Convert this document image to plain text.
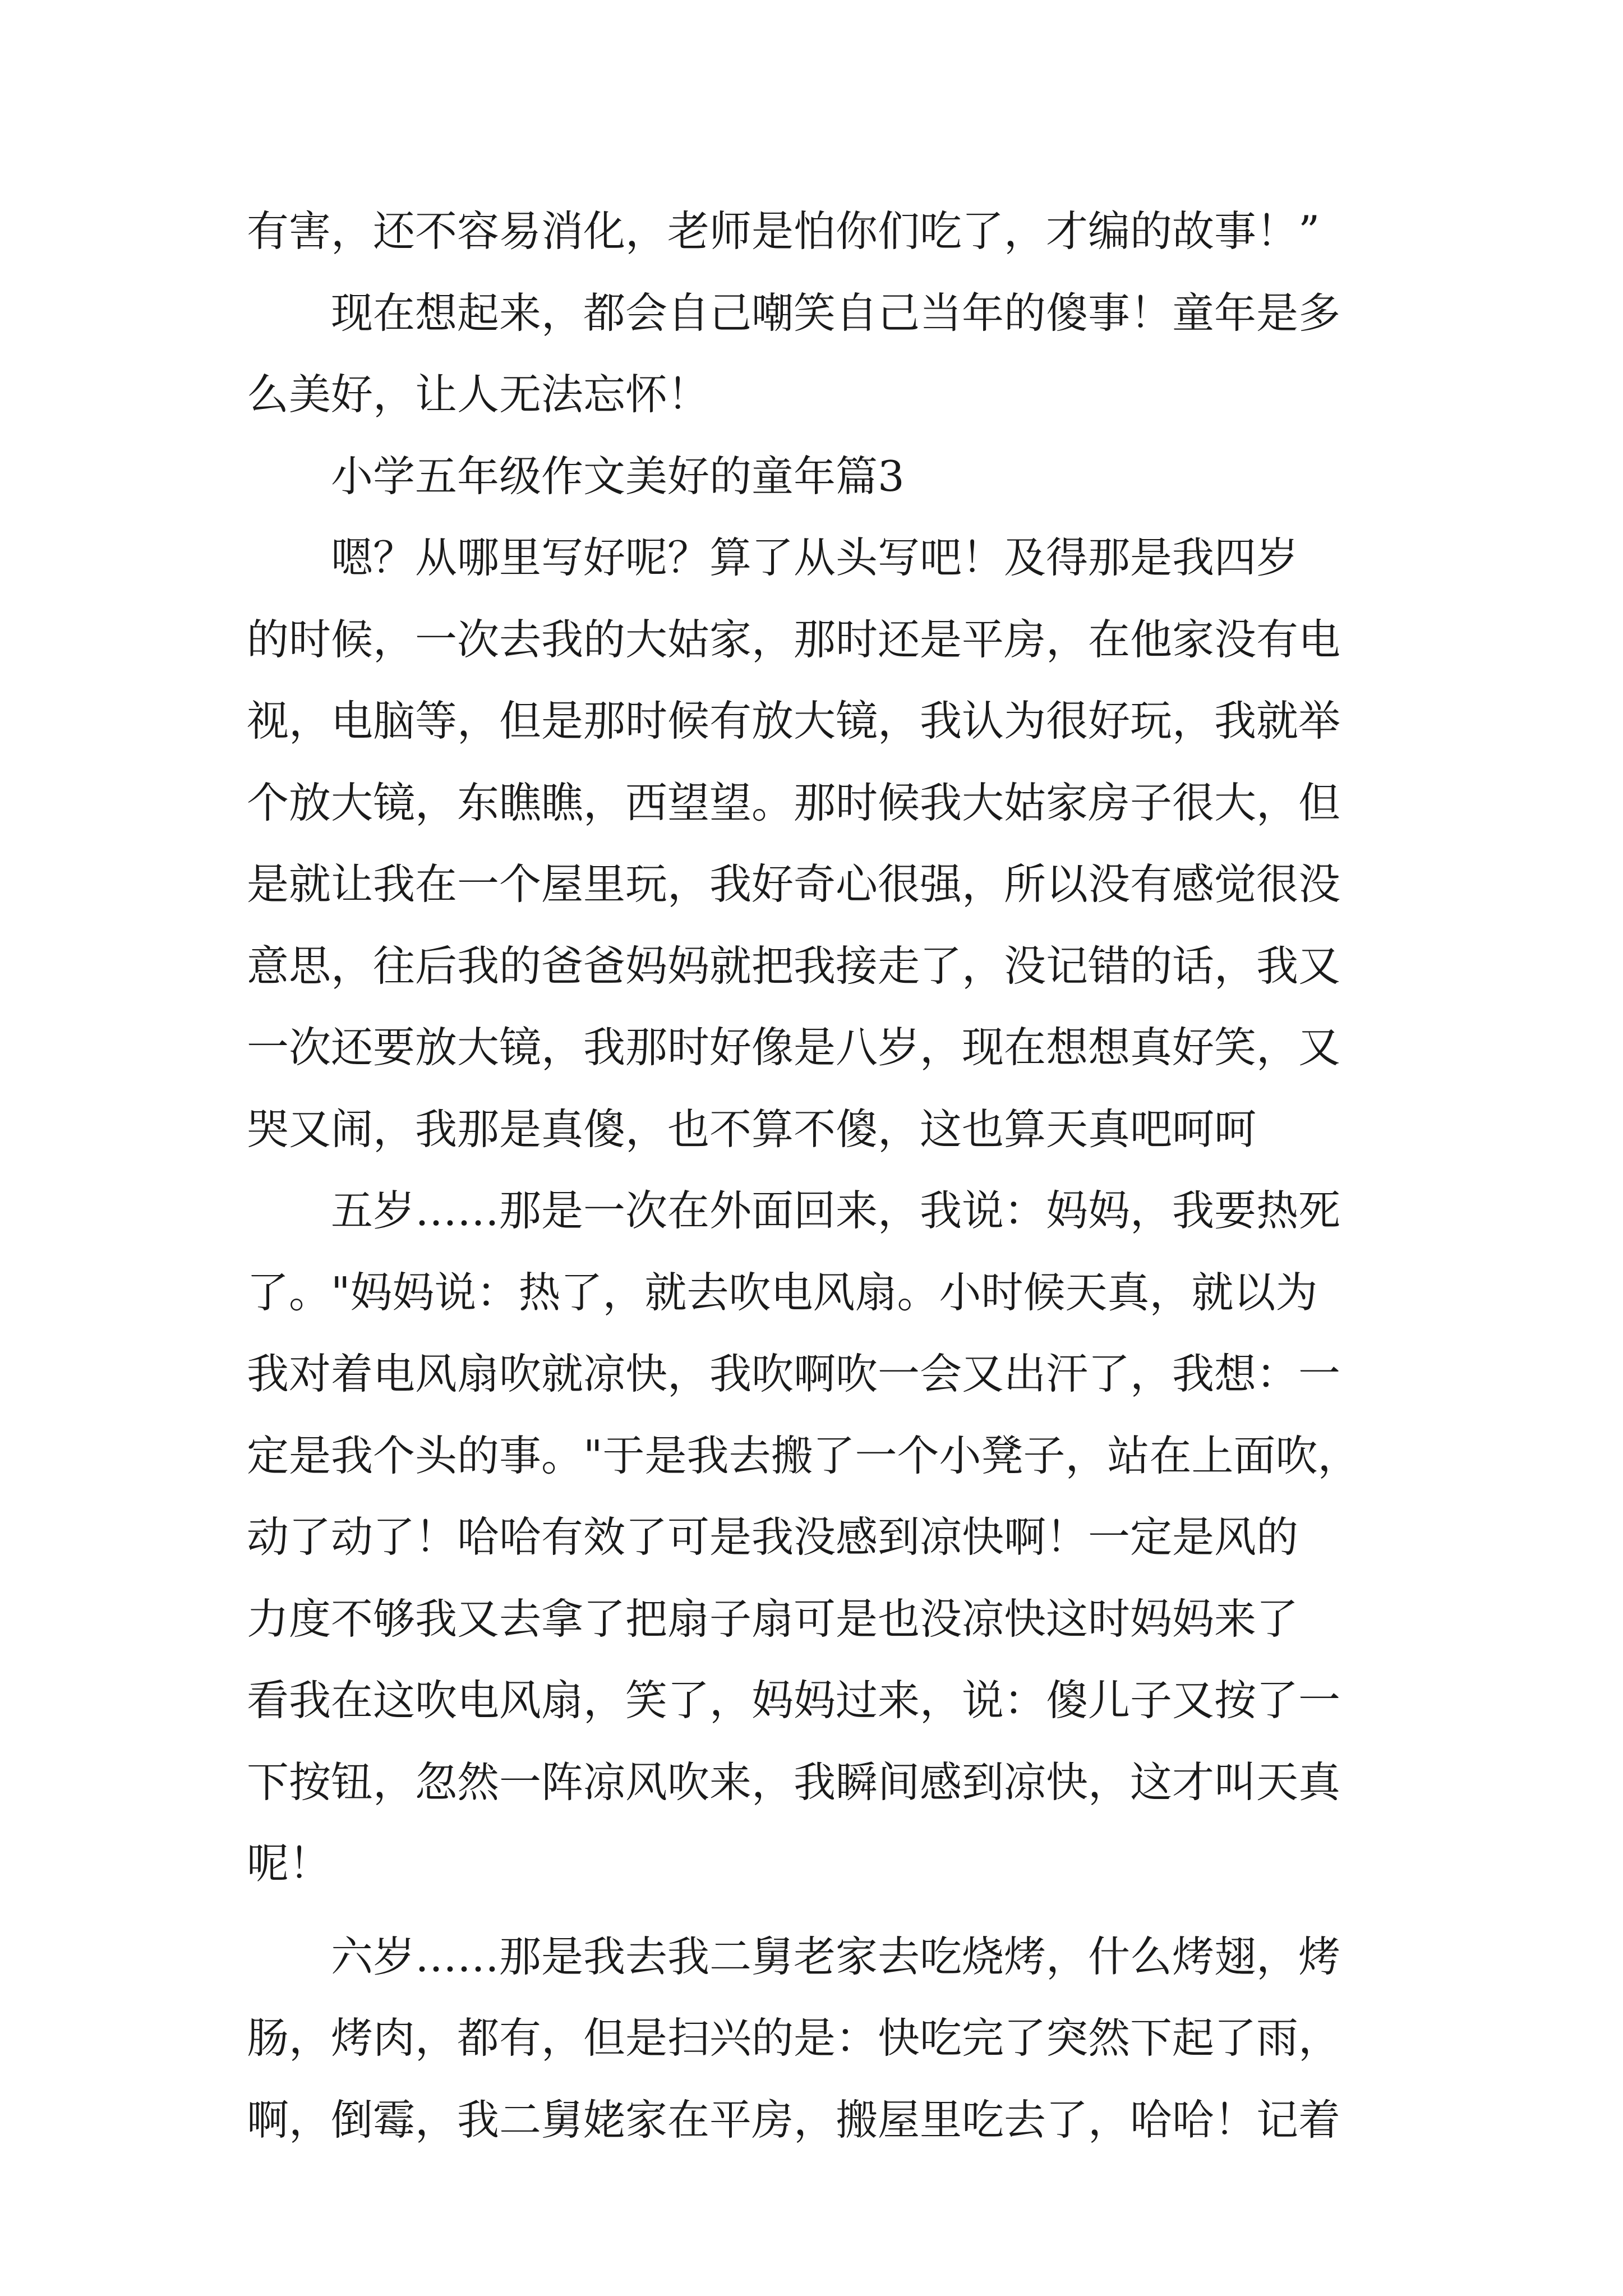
有害，还不容易消化，老师是怕你们吃了，才编的故事！”
现在想起来，都会自己嘲笑自己当年的傻事！童年是多
么美好，让人无法忘怀！
小学五年级作文美好的童年篇3
嗯？从哪里写好呢？算了从头写吧！及得那是我四岁
的时候，一次去我的大姑家，那时还是平房，在他家没有电
视，电脑等，但是那时候有放大镜，我认为很好玩，我就举
个放大镜，东瞧瞧，西望望。那时候我大姑家房子很大，但
是就让我在一个屋里玩，我好奇心很强，所以没有感觉很没
意思，往后我的爸爸妈妈就把我接走了，没记错的话，我又
一次还要放大镜，我那时好像是八岁，现在想想真好笑，又
哭又闹，我那是真傻，也不算不傻，这也算天真吧呵呵
五岁……那是一次在外面回来，我说：妈妈，我要热死
了。"妈妈说：热了，就去吹电风扇。小时候天真，就以为
我对着电风扇吹就凉快，我吹啊吹一会又出汗了，我想：一
定是我个头的事。"于是我去搬了一个小凳子，站在上面吹，
动了动了！哈哈有效了可是我没感到凉快啊！一定是风的
力度不够我又去拿了把扇子扇可是也没凉快这时妈妈来了
看我在这吹电风扇，笑了，妈妈过来，说：傻儿子又按了一
下按钮，忽然一阵凉风吹来，我瞬间感到凉快，这才叫天真
呢！
六岁……那是我去我二舅老家去吃烧烤，什么烤翅，烤
肠，烤肉，都有，但是扫兴的是：快吃完了突然下起了雨，
啊，倒霉，我二舅姥家在平房，搬屋里吃去了，哈哈！记着
